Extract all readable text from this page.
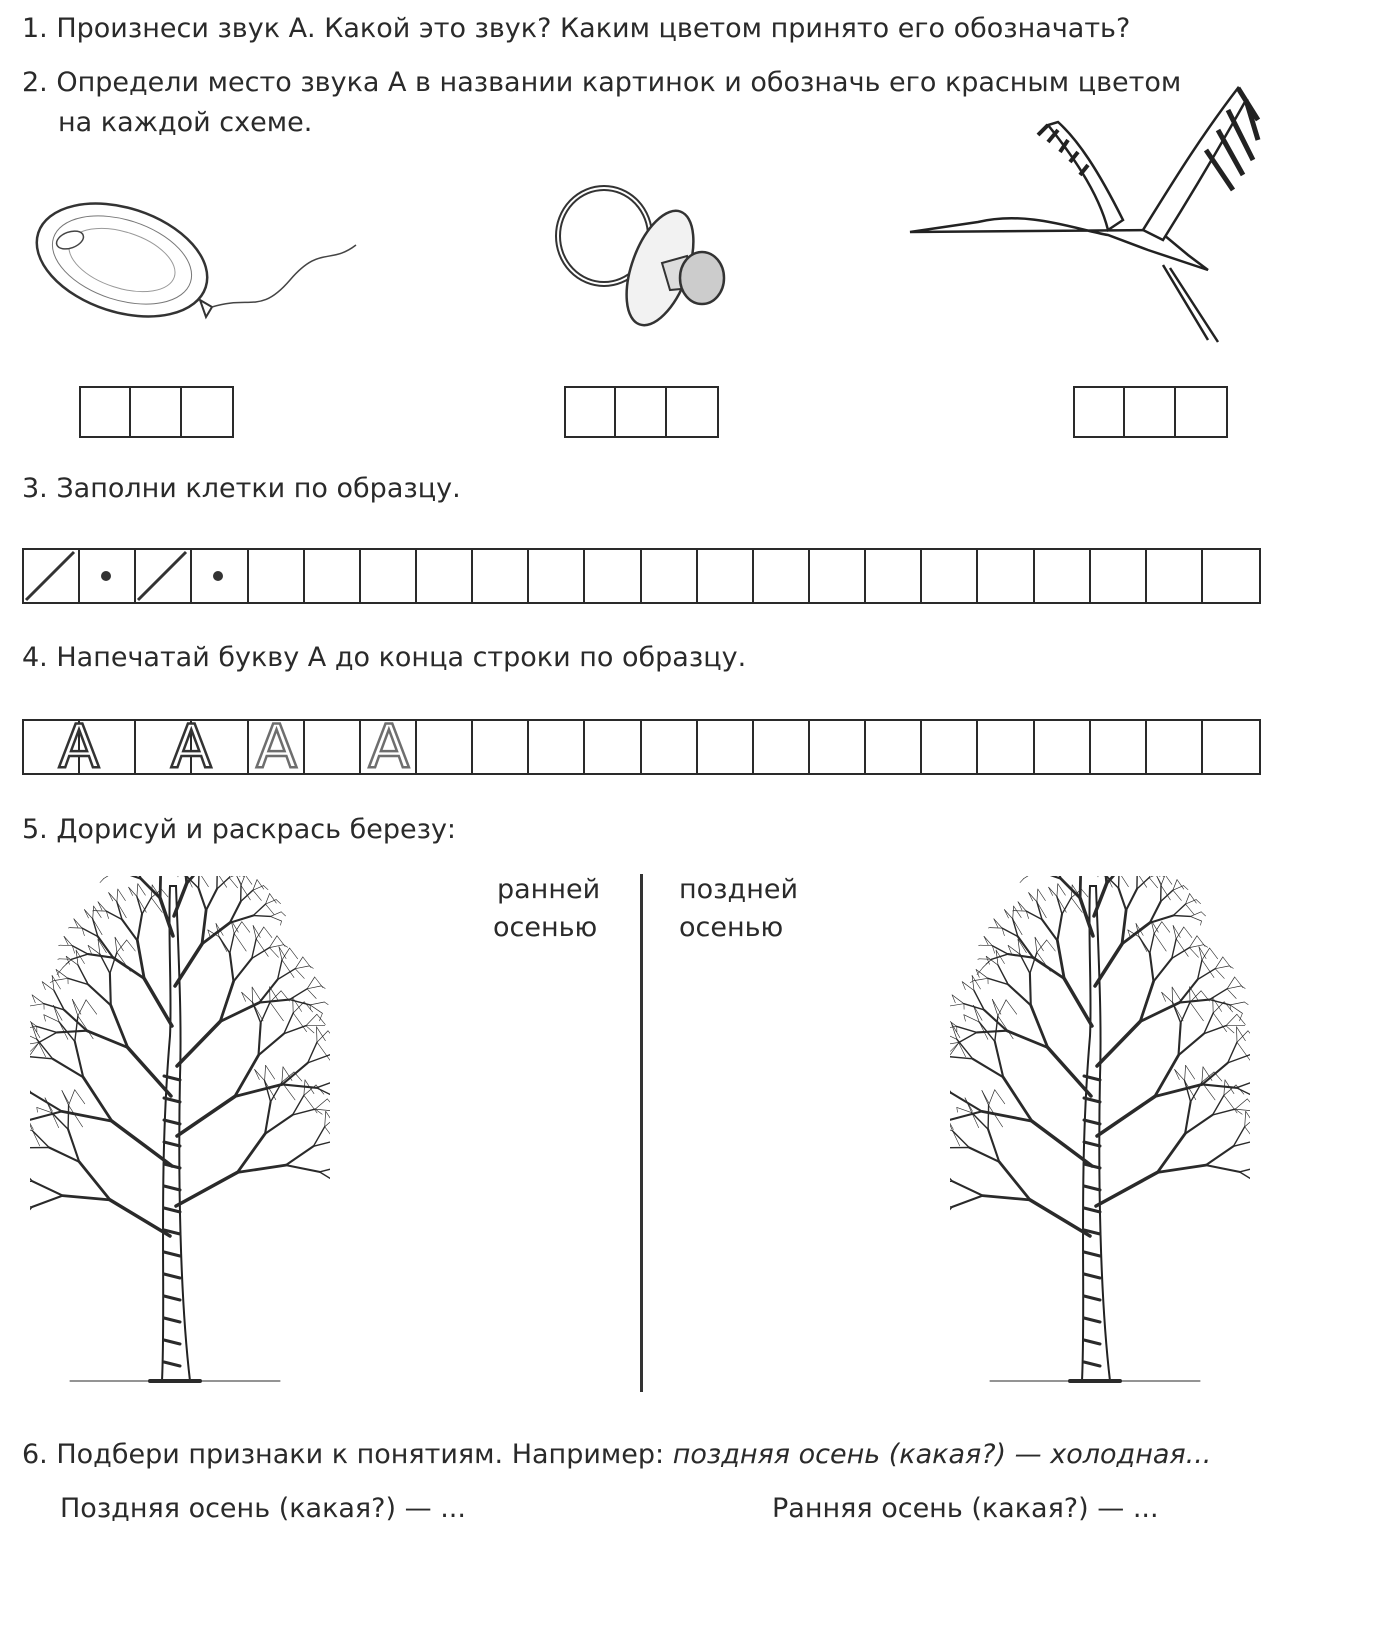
1. Произнеси звук А. Какой это звук? Каким цветом принято его обозначать?
2. Определи место звука А в названии картинок и обозначь его красным цветом
на каждой схеме.
3. Заполни клетки по образцу.
4. Напечатай букву А до конца строки по образцу.
А	А А А
5. Дорисуй и раскрась березу:
ранней
осенью
поздней
осенью
6. Подбери признаки к понятиям. Например: поздняя осень (какая?) — холодная...
Поздняя осень (какая?) — ...	Ранняя осень (какая?) — ...
